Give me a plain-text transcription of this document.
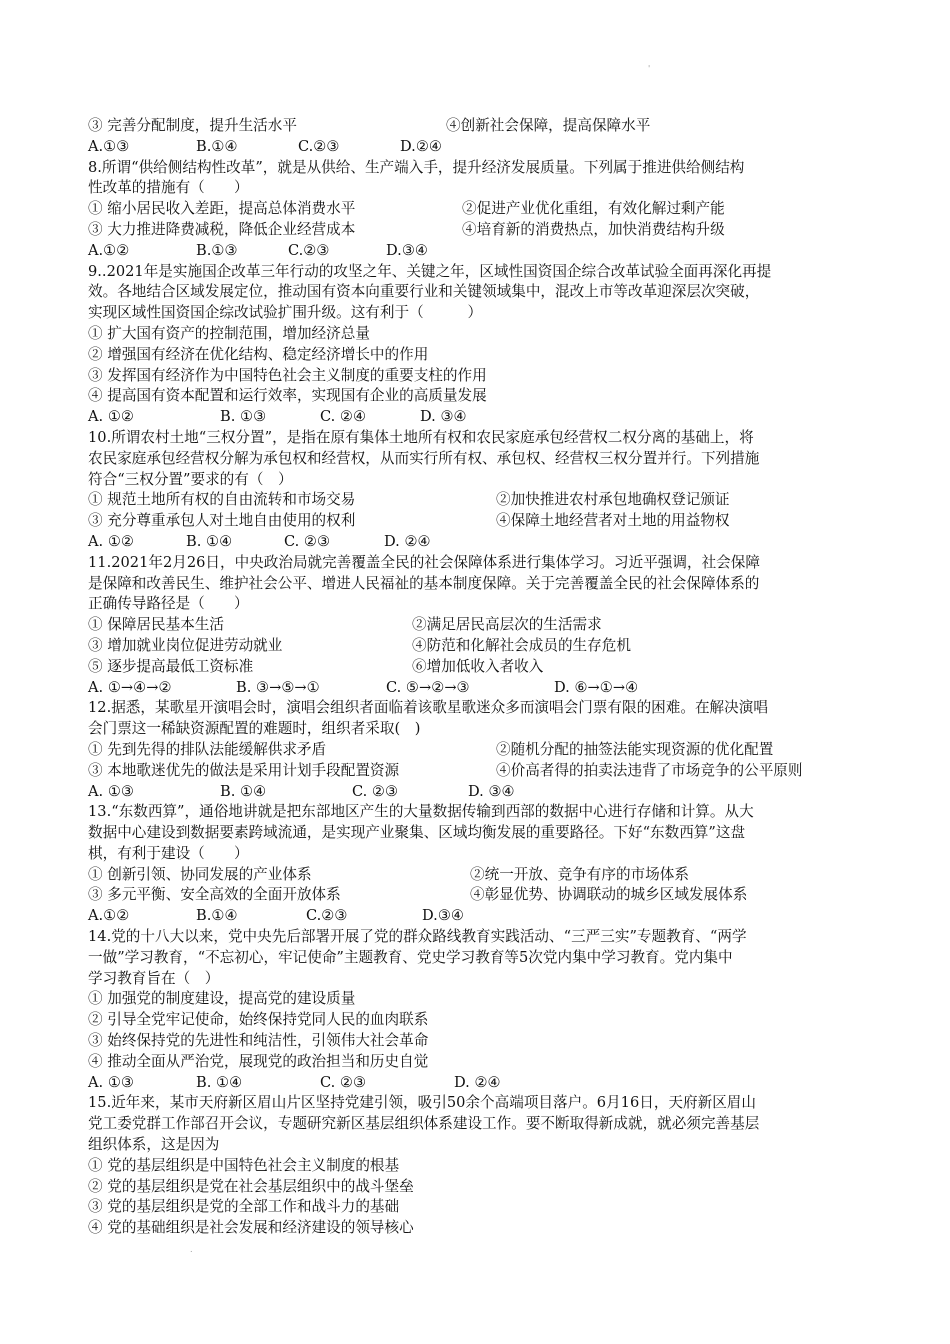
'
.
③ 完善分配制度，提升生活水平	④创新社会保障，提高保障水平
A.①③	B.①④	C.②③	D.②④
8.所谓“供给侧结构性改革”，就是从供给、生产端入手，提升经济发展质量。下列属于推进供给侧结构
性改革的措施有（　　）
① 缩小居民收入差距，提高总体消费水平	②促进产业优化重组，有效化解过剩产能
③ 大力推进降费减税，降低企业经营成本	④培育新的消费热点，加快消费结构升级
A.①②	B.①③	C.②③	D.③④
9..2021年是实施国企改革三年行动的攻坚之年、关键之年，区域性国资国企综合改革试验全面再深化再提
效。各地结合区域发展定位，推动国有资本向重要行业和关键领域集中，混改上市等改革迎深层次突破，
实现区域性国资国企综改试验扩围升级。这有利于（　　　）
① 扩大国有资产的控制范围，增加经济总量
② 增强国有经济在优化结构、稳定经济增长中的作用
③ 发挥国有经济作为中国特色社会主义制度的重要支柱的作用
④ 提高国有资本配置和运行效率，实现国有企业的高质量发展
A. ①②	B. ①③	C. ②④	D. ③④
10.所谓农村土地“三权分置”，是指在原有集体土地所有权和农民家庭承包经营权二权分离的基础上，将
农民家庭承包经营权分解为承包权和经营权，从而实行所有权、承包权、经营权三权分置并行。下列措施
符合“三权分置”要求的有（　）
① 规范土地所有权的自由流转和市场交易	②加快推进农村承包地确权登记颁证
③ 充分尊重承包人对土地自由使用的权利	④保障土地经营者对土地的用益物权
A. ①②	B. ①④	C. ②③	D. ②④
11.2021年2月26日，中央政治局就完善覆盖全民的社会保障体系进行集体学习。习近平强调，社会保障
是保障和改善民生、维护社会公平、增进人民福祉的基本制度保障。关于完善覆盖全民的社会保障体系的
正确传导路径是（　　）
① 保障居民基本生活	②满足居民高层次的生活需求
③ 增加就业岗位促进劳动就业	④防范和化解社会成员的生存危机
⑤ 逐步提高最低工资标准	⑥增加低收入者收入
A. ①→④→②	B. ③→⑤→①	C. ⑤→②→③	D. ⑥→①→④
12.据悉，某歌星开演唱会时，演唱会组织者面临着该歌星歌迷众多而演唱会门票有限的困难。在解决演唱
会门票这一稀缺资源配置的难题时，组织者采取(　)
① 先到先得的排队法能缓解供求矛盾	②随机分配的抽签法能实现资源的优化配置
③ 本地歌迷优先的做法是采用计划手段配置资源	④价高者得的拍卖法违背了市场竞争的公平原则
A. ①③	B. ①④	C. ②③	D. ③④
13.“东数西算”，通俗地讲就是把东部地区产生的大量数据传输到西部的数据中心进行存储和计算。从大
数据中心建设到数据要素跨域流通，是实现产业聚集、区域均衡发展的重要路径。下好“东数西算”这盘
棋，有利于建设（　　）
① 创新引领、协同发展的产业体系	②统一开放、竞争有序的市场体系
③ 多元平衡、安全高效的全面开放体系	④彰显优势、协调联动的城乡区域发展体系
A.①②	B.①④	C.②③	D.③④
14.党的十八大以来，党中央先后部署开展了党的群众路线教育实践活动、“三严三实”专题教育、“两学
一做”学习教育，“不忘初心，牢记使命”主题教育、党史学习教育等5次党内集中学习教育。党内集中
学习教育旨在（　）
① 加强党的制度建设，提高党的建设质量
② 引导全党牢记使命，始终保持党同人民的血肉联系
③ 始终保持党的先进性和纯洁性，引领伟大社会革命
④ 推动全面从严治党，展现党的政治担当和历史自觉
A. ①③	B. ①④	C. ②③	D. ②④
15.近年来，某市天府新区眉山片区坚持党建引领，吸引50余个高端项目落户。6月16日，天府新区眉山
党工委党群工作部召开会议，专题研究新区基层组织体系建设工作。要不断取得新成就，就必须完善基层
组织体系，这是因为
① 党的基层组织是中国特色社会主义制度的根基
② 党的基层组织是党在社会基层组织中的战斗堡垒
③ 党的基层组织是党的全部工作和战斗力的基础
④ 党的基础组织是社会发展和经济建设的领导核心
